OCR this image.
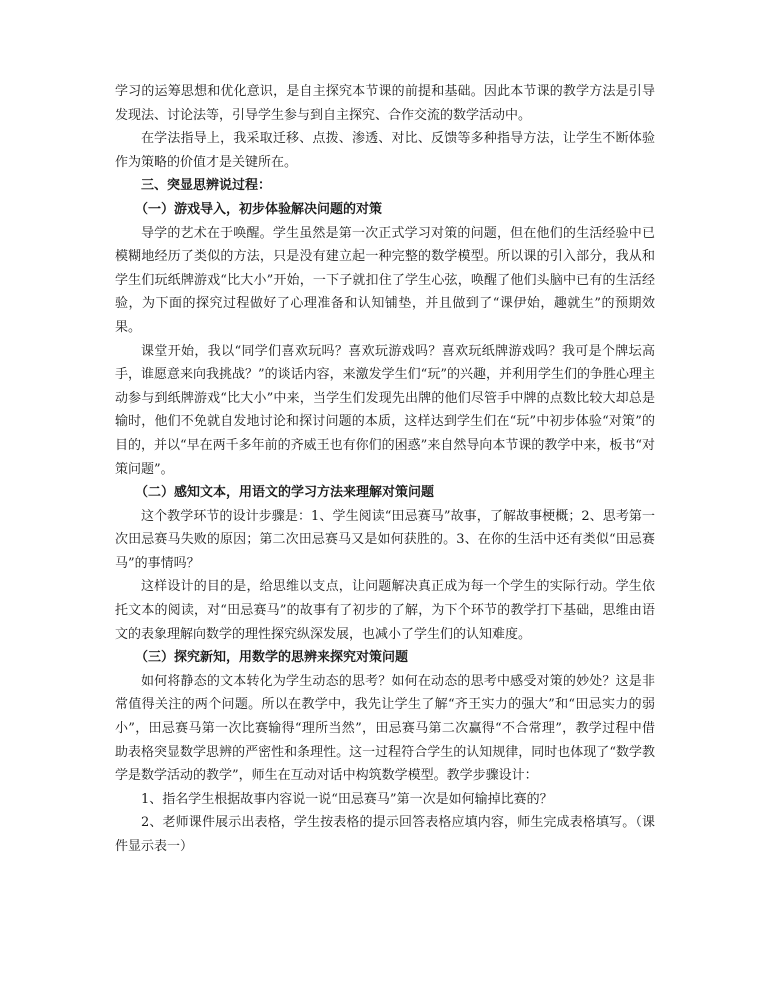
学习的运筹思想和优化意识，是自主探究本节课的前提和基础。因此本节课的教学方法是引导发现法、讨论法等，引导学生参与到自主探究、合作交流的数学活动中。

在学法指导上，我采取迁移、点拨、渗透、对比、反馈等多种指导方法，让学生不断体验作为策略的价值才是关键所在。

三、突显思辨说过程：

（一）游戏导入，初步体验解决问题的对策

导学的艺术在于唤醒。学生虽然是第一次正式学习对策的问题，但在他们的生活经验中已模糊地经历了类似的方法，只是没有建立起一种完整的数学模型。所以课的引入部分，我从和学生们玩纸牌游戏“比大小”开始，一下子就扣住了学生心弦，唤醒了他们头脑中已有的生活经验，为下面的探究过程做好了心理准备和认知铺垫，并且做到了“课伊始，趣就生”的预期效果。

课堂开始，我以“同学们喜欢玩吗？喜欢玩游戏吗？喜欢玩纸牌游戏吗？我可是个牌坛高手，谁愿意来向我挑战？”的谈话内容，来激发学生们“玩”的兴趣，并利用学生们的争胜心理主动参与到纸牌游戏“比大小”中来，当学生们发现先出牌的他们尽管手中牌的点数比较大却总是输时，他们不免就自发地讨论和探讨问题的本质，这样达到学生们在“玩”中初步体验“对策”的目的，并以“早在两千多年前的齐威王也有你们的困惑”来自然导向本节课的教学中来，板书“对策问题”。

（二）感知文本，用语文的学习方法来理解对策问题

这个教学环节的设计步骤是：1、学生阅读“田忌赛马”故事，了解故事梗概；2、思考第一次田忌赛马失败的原因；第二次田忌赛马又是如何获胜的。3、在你的生活中还有类似“田忌赛马”的事情吗？

这样设计的目的是，给思维以支点，让问题解决真正成为每一个学生的实际行动。学生依托文本的阅读，对“田忌赛马”的故事有了初步的了解，为下个环节的教学打下基础，思维由语文的表象理解向数学的理性探究纵深发展，也减小了学生们的认知难度。

（三）探究新知，用数学的思辨来探究对策问题

如何将静态的文本转化为学生动态的思考？如何在动态的思考中感受对策的妙处？这是非常值得关注的两个问题。所以在教学中，我先让学生了解“齐王实力的强大”和“田忌实力的弱小”，田忌赛马第一次比赛输得“理所当然”，田忌赛马第二次赢得“不合常理”，教学过程中借助表格突显数学思辨的严密性和条理性。这一过程符合学生的认知规律，同时也体现了“数学教学是数学活动的教学”，师生在互动对话中构筑数学模型。教学步骤设计：

1、指名学生根据故事内容说一说“田忌赛马”第一次是如何输掉比赛的？

2、老师课件展示出表格，学生按表格的提示回答表格应填内容，师生完成表格填写。（课件显示表一）
